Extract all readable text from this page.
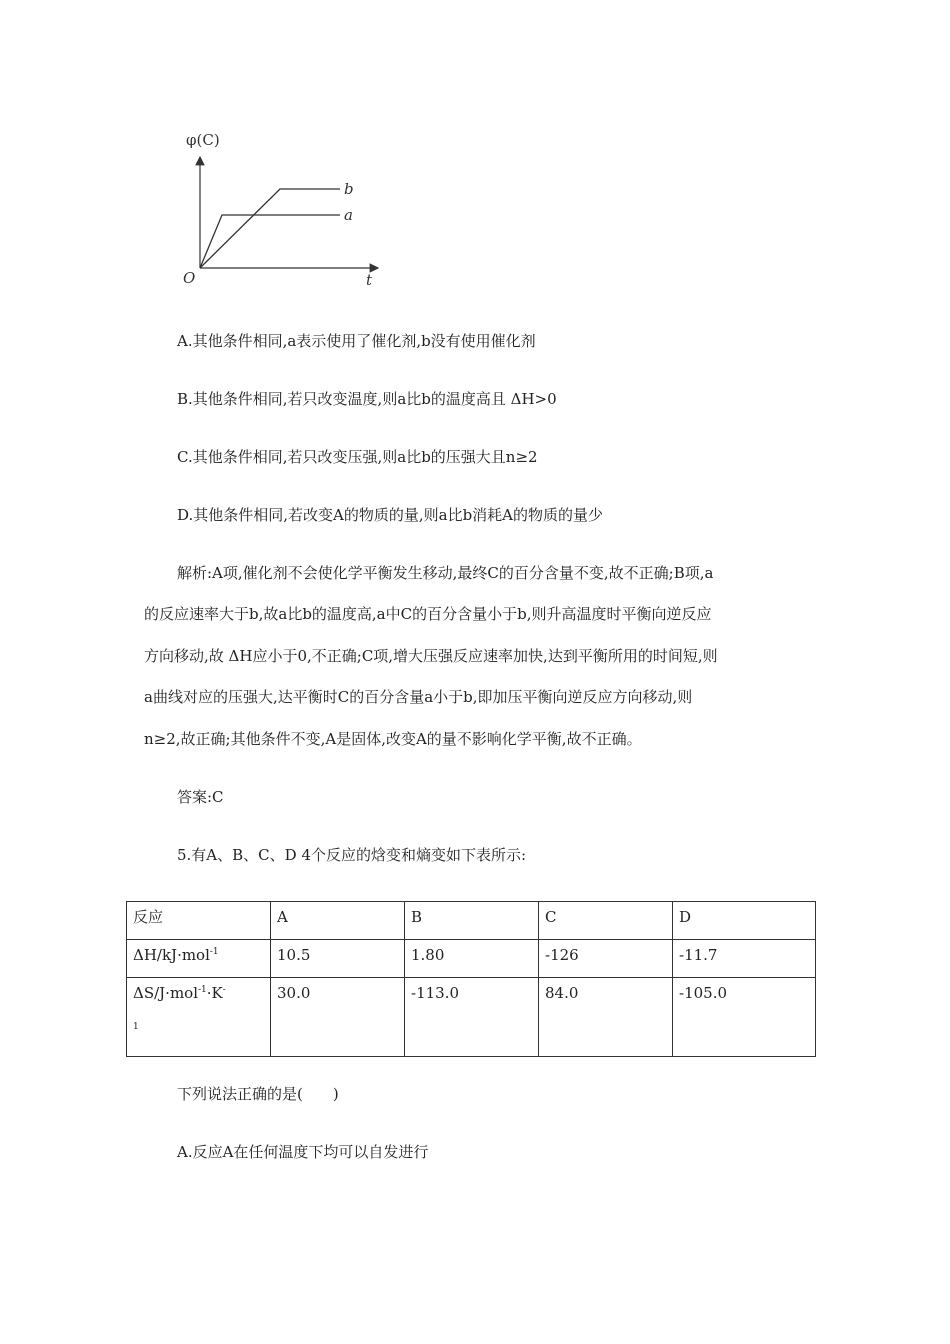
φ(C)
t
O
b
a
A.其他条件相同,a表示使用了催化剂,b没有使用催化剂
B.其他条件相同,若只改变温度,则a比b的温度高且 ΔH>0
C.其他条件相同,若只改变压强,则a比b的压强大且n≥2
D.其他条件相同,若改变A的物质的量,则a比b消耗A的物质的量少
解析:A项,催化剂不会使化学平衡发生移动,最终C的百分含量不变,故不正确;B项,a
的反应速率大于b,故a比b的温度高,a中C的百分含量小于b,则升高温度时平衡向逆反应
方向移动,故 ΔH应小于0,不正确;C项,增大压强反应速率加快,达到平衡所用的时间短,则
a曲线对应的压强大,达平衡时C的百分含量a小于b,即加压平衡向逆反应方向移动,则
n≥2,故正确;其他条件不变,A是固体,改变A的量不影响化学平衡,故不正确。
答案:C
5.有A、B、C、D 4个反应的焓变和熵变如下表所示:
反应	A	B	C	D
ΔH/kJ·mol$^{-1}$	10.5	1.80	-126	-11.7
ΔS/J·mol$^{-1}$·K-
1	30.0	-113.0	84.0	-105.0
下列说法正确的是(　　)
A.反应A在任何温度下均可以自发进行
